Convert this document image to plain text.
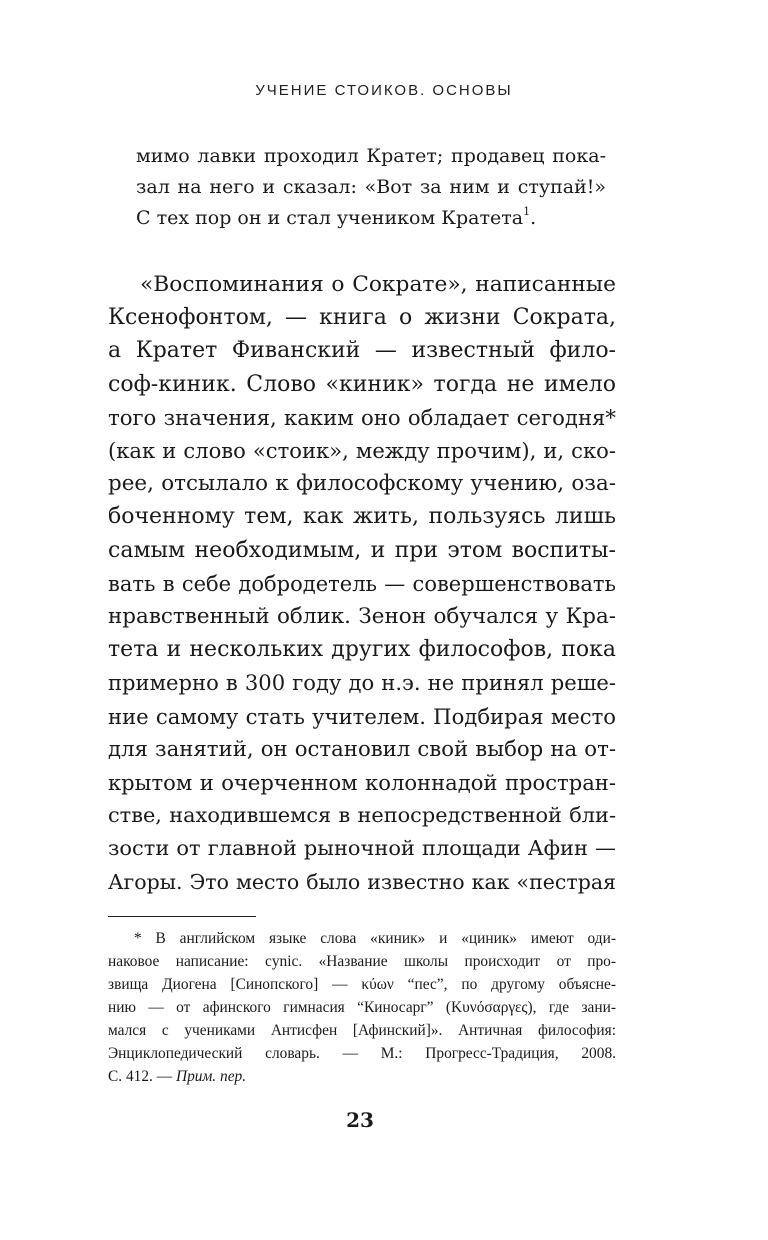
УЧЕНИЕ СТОИКОВ. ОСНОВЫ
мимо лавки проходил Кратет; продавец пока-
зал на него и сказал: «Вот за ним и ступай!»
С тех пор он и стал учеником Кратета$^1$.
«Воспоминания о Сократе», написанные
Ксенофонтом, — книга о жизни Сократа,
а Кратет Фиванский — известный фило-
соф-киник. Слово «киник» тогда не имело
того значения, каким оно обладает сегодня*
(как и слово «стоик», между прочим), и, ско-
рее, отсылало к философскому учению, оза-
боченному тем, как жить, пользуясь лишь
самым необходимым, и при этом воспиты-
вать в себе добродетель — совершенствовать
нравственный облик. Зенон обучался у Кра-
тета и нескольких других философов, пока
примерно в 300 году до н.э. не принял реше-
ние самому стать учителем. Подбирая место
для занятий, он остановил свой выбор на от-
крытом и очерченном колоннадой простран-
стве, находившемся в непосредственной бли-
зости от главной рыночной площади Афин —
Агоры. Это место было известно как «пестрая
* В английском языке слова «киник» и «циник» имеют оди-
наковое написание: cynic. «Название школы происходит от про-
звища Диогена [Синопского] — κύων “пес”, по другому объясне-
нию — от афинского гимнасия “Киносарг” (Κυνόσαργες), где зани-
мался с учениками Антисфен [Афинский]». Античная философия:
Энциклопедический словарь. — М.: Прогресс-Традиция, 2008.
С. 412. — Прим. пер.
23
